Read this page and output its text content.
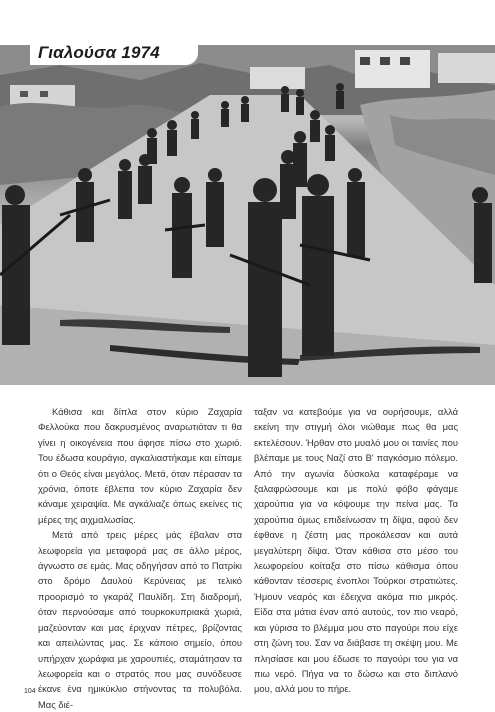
Γιαλούσα 1974

Κάθισα και δίπλα στον κύριο Ζαχαρία Φελλούκα που δακρυσμένος αναρωτιόταν τι θα γίνει η οικογένεια που άφησε πίσω στο χωριό. Του έδωσα κουράγιο, αγκαλιαστήκαμε και είπαμε ότι ο Θεός είναι μεγάλος. Μετά, όταν πέρασαν τα χρόνια, όποτε έβλεπα τον κύριο Ζαχαρία δεν κάναμε χειραψία. Με αγκάλιαζε όπως εκείνες τις μέρες της αιχμαλωσίας.

Μετά από τρεις μέρες μάς έβαλαν στα λεωφορεία για μεταφορά μας σε άλλο μέρος, άγνωστο σε εμάς. Μας οδηγήσαν από το Πατρίκι στο δρόμο Δαυλού Κερύνειας με τελικό προορισμό το γκαράζ Παυλίδη. Στη διαδρομή, όταν περνούσαμε από τουρκοκυπριακά χωριά, μαζεύονταν και μας έριχναν πέτρες, βρίζοντας και απειλώντας μας. Σε κάποιο σημείο, όπου υπήρχαν χωράφια με χαρουπιές, σταμάτησαν τα λεωφορεία και ο στρατός που μας συνόδευσε έκανε ένα ημικύκλιο στήνοντας τα πολυβόλα. Μας διέ-

ταξαν να κατεβούμε για να ουρήσουμε, αλλά εκείνη την στιγμή όλοι νιώθαμε πως θα μας εκτελέσουν. Ήρθαν στο μυαλό μου οι ταινίες που βλέπαμε με τους Ναζί στο Β' παγκόσμιο πόλεμο. Από την αγωνία δύσκολα καταφέραμε να ξαλαφρώσουμε και με πολύ φόβο φάγαμε χαρούπια για να κόψουμε την πείνα μας. Τα χαρούπια όμως επιδείνωσαν τη δίψα, αφού δεν έφθανε η ζέστη μας προκάλεσαν και αυτά μεγαλύτερη δίψα. Όταν κάθισα στο μέσο του λεωφορείου κοίταξα στο πίσω κάθισμα όπου κάθονταν τέσσερις ένοπλοι Τούρκοι στρατιώτες. Ήμουν νεαρός και έδειχνα ακόμα πιο μικρός. Είδα στα μάτια έναν από αυτούς, τον πιο νεαρό, και γύρισα το βλέμμα μου στο παγούρι που είχε στη ζώνη του. Σαν να διάβασε τη σκέψη μου. Με πλησίασε και μου έδωσε το παγούρι του για να πιω νερό. Πήγα να το δώσω και στο διπλανό μου, αλλά μου το πήρε.

104
